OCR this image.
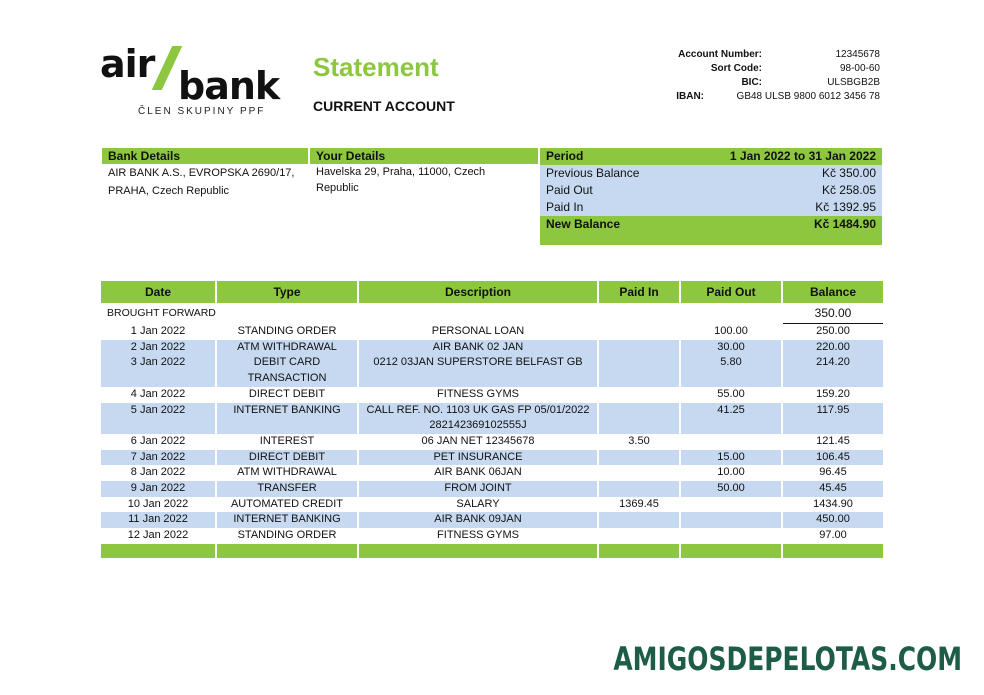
air bank
ČLEN SKUPINY PPF
Statement
CURRENT ACCOUNT
Account Number:	12345678
Sort Code:	98-00-60
BIC:	ULSBGB2B
IBAN:	GB48 ULSB 9800 6012 3456 78
Bank Details
AIR BANK A.S., EVROPSKA 2690/17,
PRAHA, Czech Republic
Your Details
Havelska 29, Praha, 11000, Czech
Republic
Period	1 Jan 2022 to 31 Jan 2022
Previous Balance	Kč 350.00
Paid Out	Kč 258.05
Paid In	Kč 1392.95
New Balance	Kč 1484.90
Date	Type	Description	Paid In	Paid Out	Balance
BROUGHT FORWARD					350.00
1 Jan 2022	STANDING ORDER	PERSONAL LOAN		100.00	250.00
2 Jan 2022	ATM WITHDRAWAL	AIR BANK 02 JAN		30.00	220.00
3 Jan 2022	DEBIT CARD TRANSACTION	0212 03JAN SUPERSTORE BELFAST GB		5.80	214.20
4 Jan 2022	DIRECT DEBIT	FITNESS GYMS		55.00	159.20
5 Jan 2022	INTERNET BANKING	CALL REF. NO. 1103 UK GAS FP 05/01/2022 282142369102555J		41.25	117.95
6 Jan 2022	INTEREST	06 JAN NET 12345678	3.50		121.45
7 Jan 2022	DIRECT DEBIT	PET INSURANCE		15.00	106.45
8 Jan 2022	ATM WITHDRAWAL	AIR BANK 06JAN		10.00	96.45
9 Jan 2022	TRANSFER	FROM JOINT		50.00	45.45
10 Jan 2022	AUTOMATED CREDIT	SALARY	1369.45		1434.90
11 Jan 2022	INTERNET BANKING	AIR BANK 09JAN			450.00
12 Jan 2022	STANDING ORDER	FITNESS GYMS			97.00

AMIGOSDEPELOTAS.COM
